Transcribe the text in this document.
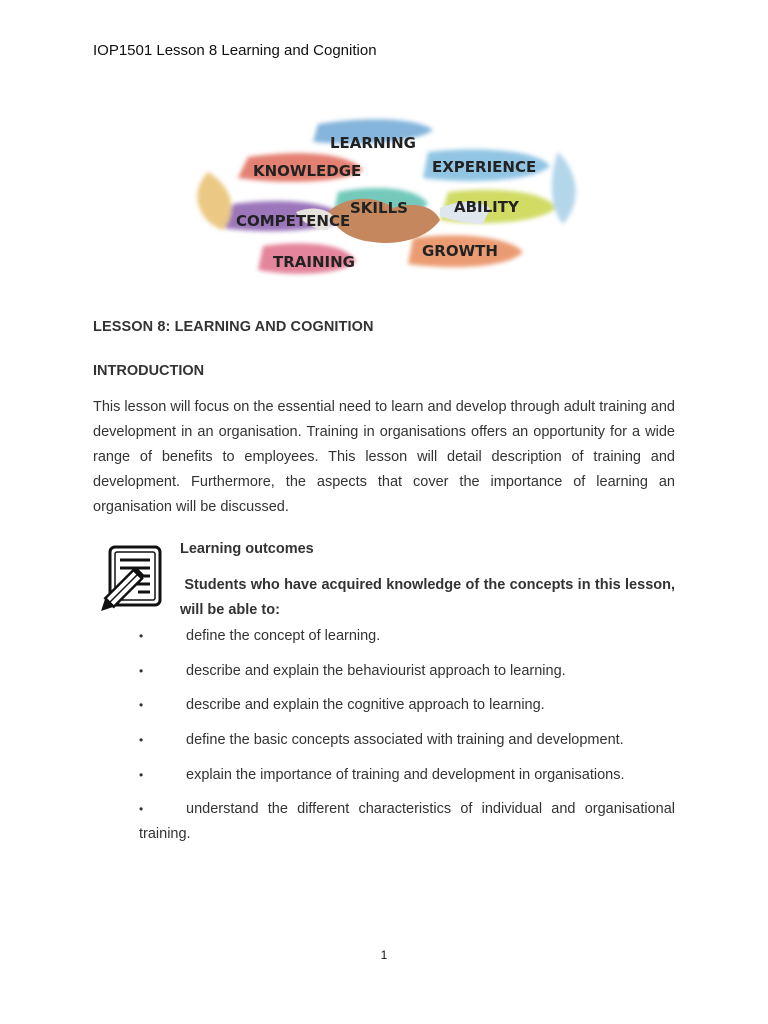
IOP1501 Lesson 8 Learning and Cognition
LEARNING
KNOWLEDGE	EXPERIENCE
COMPETENCE
SKILLS	ABILITY
TRAINING
GROWTH
LESSON 8: LEARNING AND COGNITION
INTRODUCTION

This lesson will focus on the essential need to learn and develop through adult training and development in an organisation. Training in organisations offers an opportunity for a wide range of benefits to employees. This lesson will detail description of training and development. Furthermore, the aspects that cover the importance of learning an organisation will be discussed.

Learning outcomes

Students who have acquired knowledge of the concepts in this lesson, will be able to:

•	define the concept of learning.
•	describe and explain the behaviourist approach to learning.
•	describe and explain the cognitive approach to learning.
•	define the basic concepts associated with training and development.
•	explain the importance of training and development in organisations.
•	understand the different characteristics of individual and organisational training.
1
